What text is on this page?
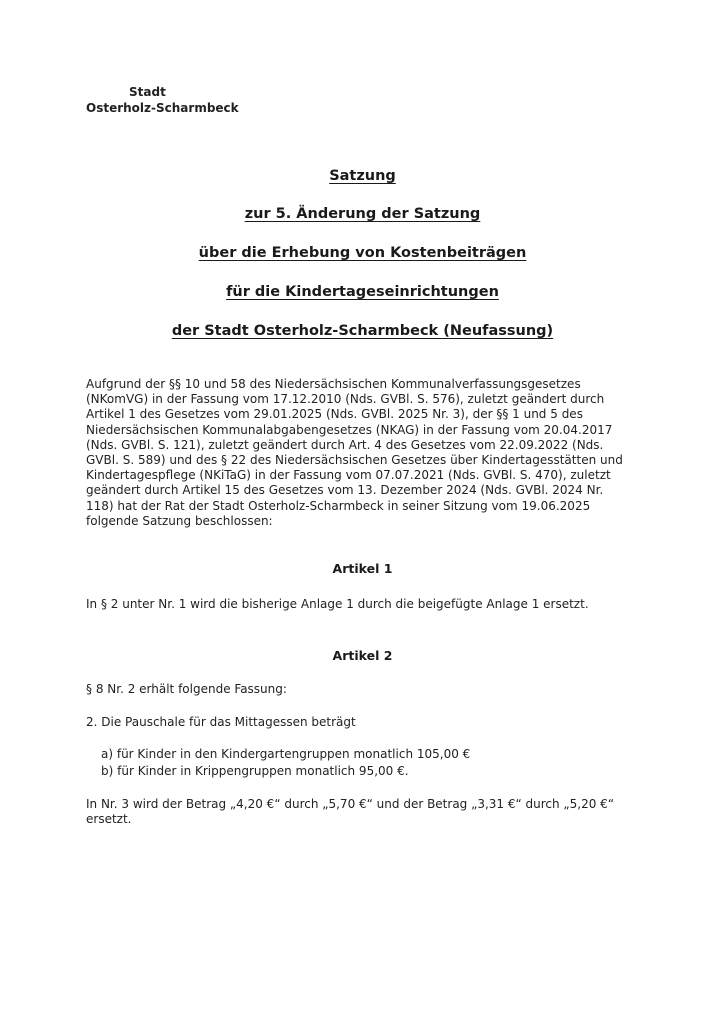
Stadt
Osterholz-Scharmbeck
Satzung
zur 5. Änderung der Satzung
über die Erhebung von Kostenbeiträgen
für die Kindertageseinrichtungen
der Stadt Osterholz-Scharmbeck (Neufassung)
Aufgrund der §§ 10 und 58 des Niedersächsischen Kommunalverfassungsgesetzes
(NKomVG) in der Fassung vom 17.12.2010 (Nds. GVBl. S. 576), zuletzt geändert durch
Artikel 1 des Gesetzes vom 29.01.2025 (Nds. GVBl. 2025 Nr. 3), der §§ 1 und 5 des
Niedersächsischen Kommunalabgabengesetzes (NKAG) in der Fassung vom 20.04.2017
(Nds. GVBl. S. 121), zuletzt geändert durch Art. 4 des Gesetzes vom 22.09.2022 (Nds.
GVBl. S. 589) und des § 22 des Niedersächsischen Gesetzes über Kindertagesstätten und
Kindertagespflege (NKiTaG) in der Fassung vom 07.07.2021 (Nds. GVBl. S. 470), zuletzt
geändert durch Artikel 15 des Gesetzes vom 13. Dezember 2024 (Nds. GVBl. 2024 Nr.
118) hat der Rat der Stadt Osterholz-Scharmbeck in seiner Sitzung vom 19.06.2025
folgende Satzung beschlossen:
Artikel 1
In § 2 unter Nr. 1 wird die bisherige Anlage 1 durch die beigefügte Anlage 1 ersetzt.
Artikel 2
§ 8 Nr. 2 erhält folgende Fassung:
2. Die Pauschale für das Mittagessen beträgt
a) für Kinder in den Kindergartengruppen monatlich 105,00 €
b) für Kinder in Krippengruppen monatlich 95,00 €.
In Nr. 3 wird der Betrag „4,20 €“ durch „5,70 €“ und der Betrag „3,31 €“ durch „5,20 €“
ersetzt.
